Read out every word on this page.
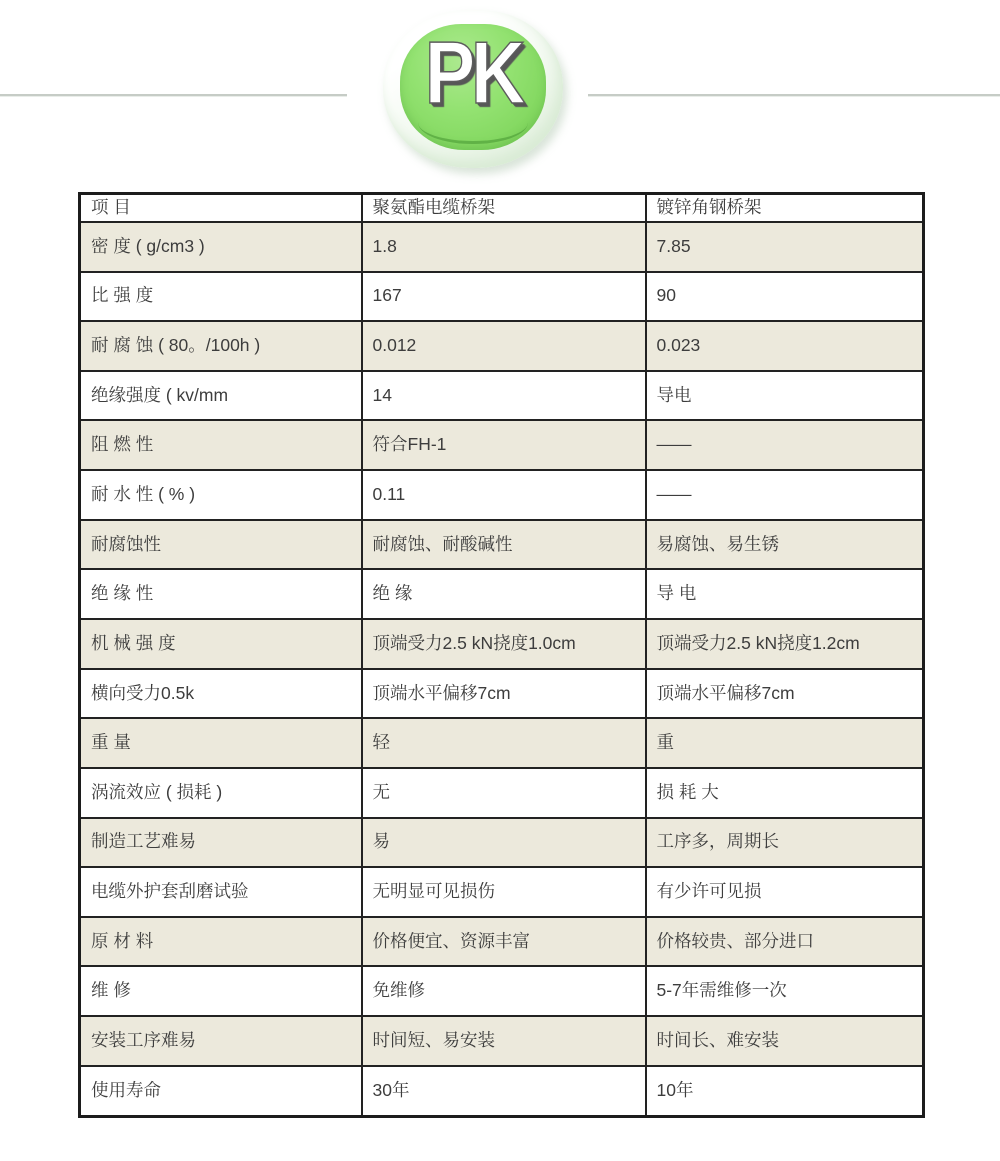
PK
项 目	聚氨酯电缆桥架	镀锌角钢桥架
密 度 ( g/cm3 )	1.8	7.85
比 强 度	167	90
耐 腐 蚀 ( 80。/100h )	0.012	0.023
绝缘强度 ( kv/mm	14	导电
阻 燃 性	符合FH-1	——
耐 水 性 ( % )	0.11	——
耐腐蚀性	耐腐蚀、耐酸碱性	易腐蚀、易生锈
绝 缘 性	绝 缘	导 电
机 械 强 度	顶端受力2.5 kN挠度1.0cm	顶端受力2.5 kN挠度1.2cm
横向受力0.5k	顶端水平偏移7cm	顶端水平偏移7cm
重 量	轻	重
涡流效应 ( 损耗 )	无	损 耗 大
制造工艺难易	易	工序多，周期长
电缆外护套刮磨试验	无明显可见损伤	有少许可见损
原 材 料	价格便宜、资源丰富	价格较贵、部分进口
维 修	免维修	5-7年需维修一次
安装工序难易	时间短、易安装	时间长、难安装
使用寿命	30年	10年
